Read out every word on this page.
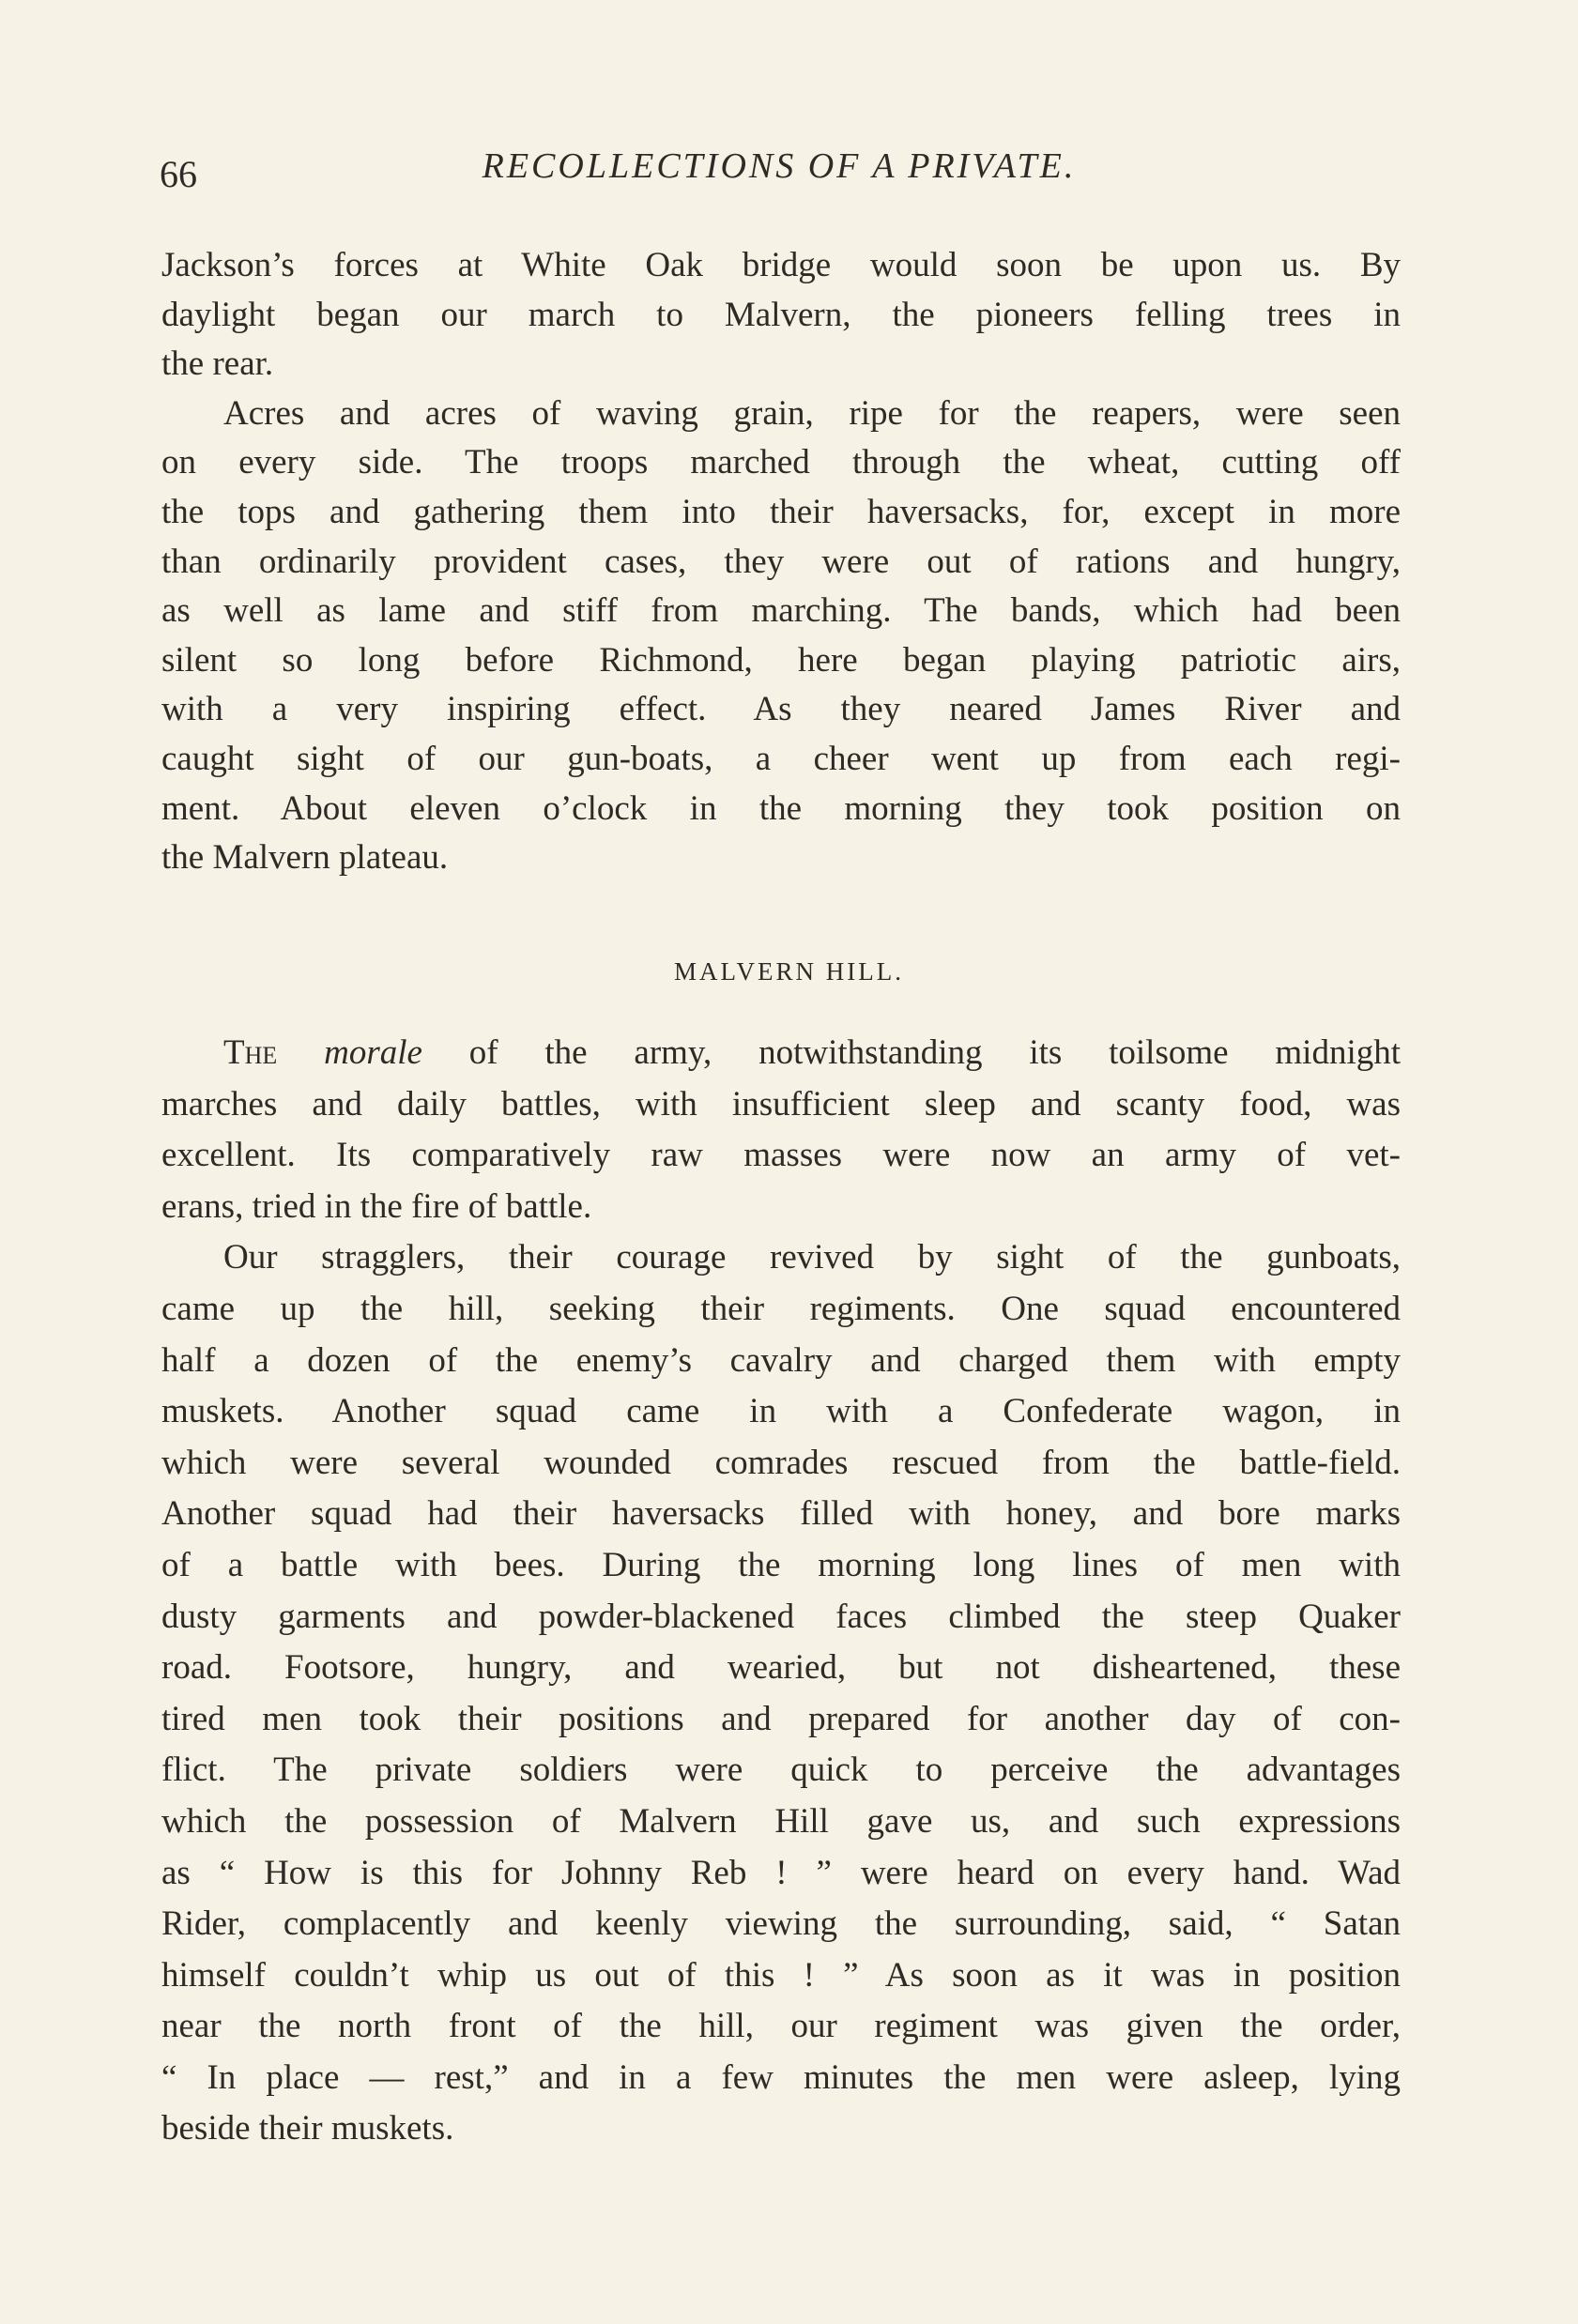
66	RECOLLECTIONS OF A PRIVATE.
Jackson’s forces at White Oak bridge would soon be upon us. By
daylight began our march to Malvern, the pioneers felling trees in
the rear.
Acres and acres of waving grain, ripe for the reapers, were seen
on every side. The troops marched through the wheat, cutting off
the tops and gathering them into their haversacks, for, except in more
than ordinarily provident cases, they were out of rations and hungry,
as well as lame and stiff from marching. The bands, which had been
silent so long before Richmond, here began playing patriotic airs,
with a very inspiring effect. As they neared James River and
caught sight of our gun-boats, a cheer went up from each regi-
ment. About eleven o’clock in the morning they took position on
the Malvern plateau.
MALVERN HILL.
The morale of the army, notwithstanding its toilsome midnight
marches and daily battles, with insufficient sleep and scanty food, was
excellent. Its comparatively raw masses were now an army of vet-
erans, tried in the fire of battle.
Our stragglers, their courage revived by sight of the gunboats,
came up the hill, seeking their regiments. One squad encountered
half a dozen of the enemy’s cavalry and charged them with empty
muskets. Another squad came in with a Confederate wagon, in
which were several wounded comrades rescued from the battle-field.
Another squad had their haversacks filled with honey, and bore marks
of a battle with bees. During the morning long lines of men with
dusty garments and powder-blackened faces climbed the steep Quaker
road. Footsore, hungry, and wearied, but not disheartened, these
tired men took their positions and prepared for another day of con-
flict. The private soldiers were quick to perceive the advantages
which the possession of Malvern Hill gave us, and such expressions
as “ How is this for Johnny Reb ! ” were heard on every hand. Wad
Rider, complacently and keenly viewing the surrounding, said, “ Satan
himself couldn’t whip us out of this ! ” As soon as it was in position
near the north front of the hill, our regiment was given the order,
“ In place — rest,” and in a few minutes the men were asleep, lying
beside their muskets.
